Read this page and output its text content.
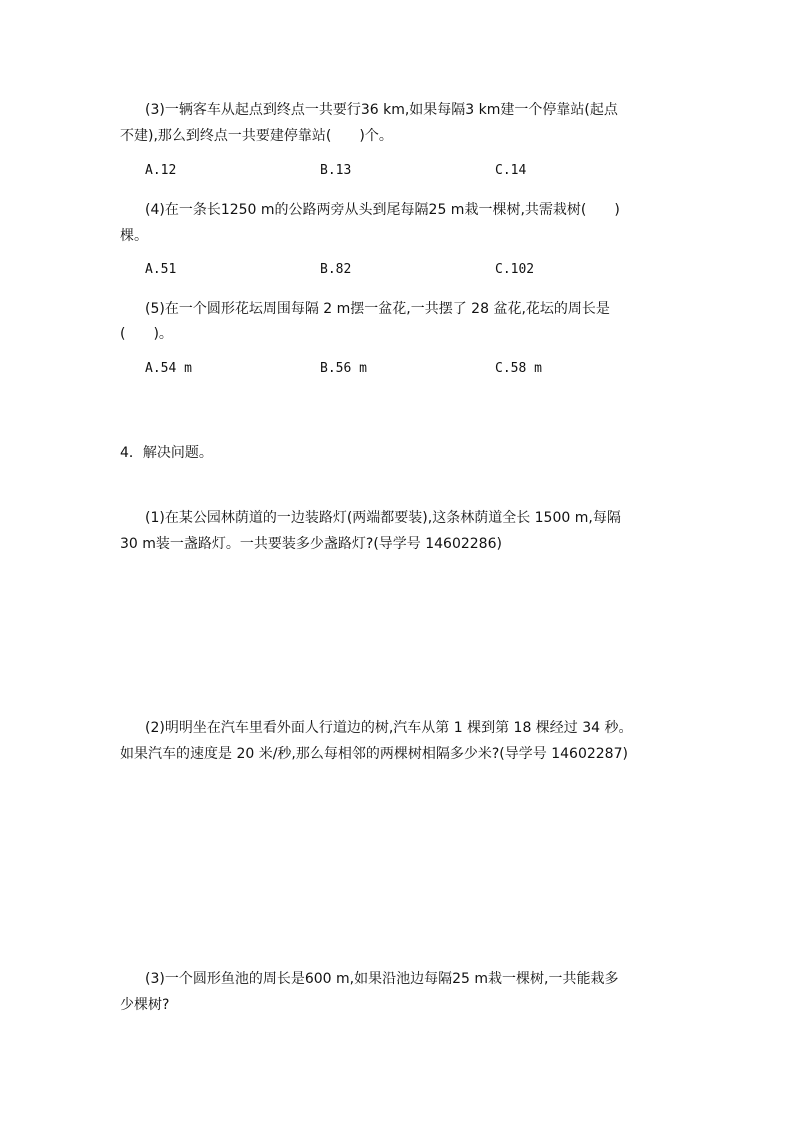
(3)一辆客车从起点到终点一共要行36 km,如果每隔3 km建一个停靠站(起点
不建),那么到终点一共要建停靠站(　　)个。
A.12	B.13	C.14
(4)在一条长1250 m的公路两旁从头到尾每隔25 m栽一棵树,共需栽树(　　)
棵。
A.51	B.82	C.102
(5)在一个圆形花坛周围每隔 2 m摆一盆花,一共摆了 28 盆花,花坛的周长是
(　　)。
A.54 m	B.56 m	C.58 m
4．解决问题。
(1)在某公园林荫道的一边装路灯(两端都要装),这条林荫道全长 1500 m,每隔
30 m装一盏路灯。一共要装多少盏路灯?(导学号 14602286)
(2)明明坐在汽车里看外面人行道边的树,汽车从第 1 棵到第 18 棵经过 34 秒。
如果汽车的速度是 20 米/秒,那么每相邻的两棵树相隔多少米?(导学号 14602287)
(3)一个圆形鱼池的周长是600 m,如果沿池边每隔25 m栽一棵树,一共能栽多
少棵树?
